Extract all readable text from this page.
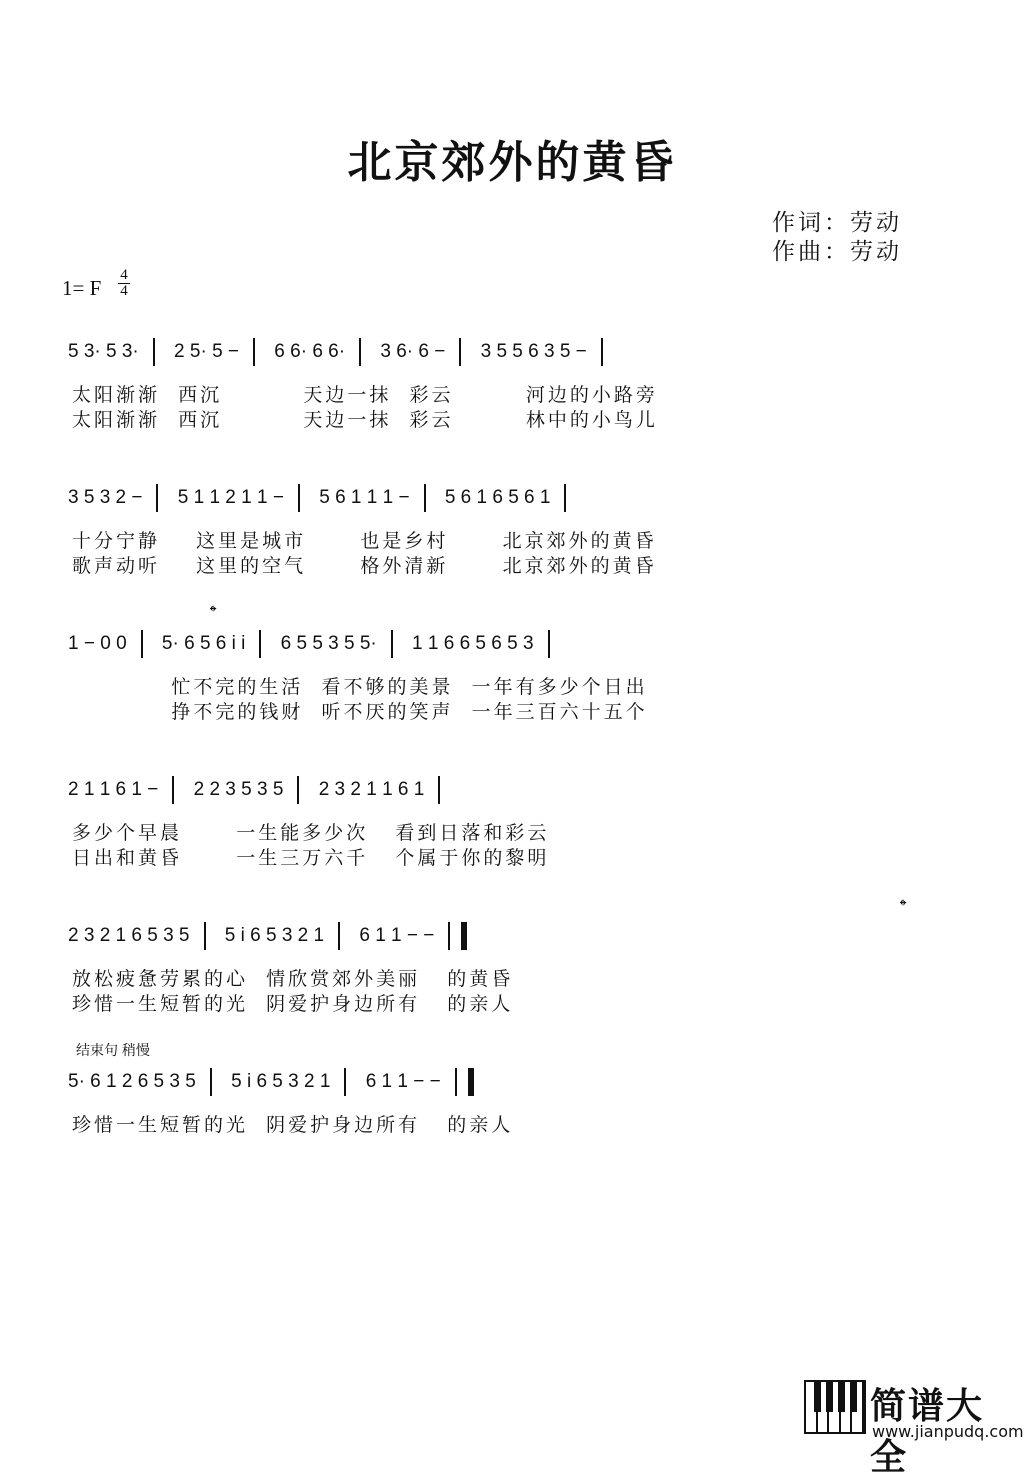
北京郊外的黄昏
作词：劳动
作曲：劳动
1= F
4
4
5 3· 5 3· 2 5· 5 − 6 6· 6 6· 3 6· 6 − 3 5 5 6 3 5 −
太阳渐渐  西沉         天边一抹  彩云        河边的小路旁
太阳渐渐  西沉         天边一抹  彩云        林中的小鸟儿
3 5 3 2 − 5 1 1 2 1 1 − 5 6 1 1 1 − 5 6 1 6 5 6 1
十分宁静    这里是城市      也是乡村      北京郊外的黄昏
歌声动听    这里的空气      格外清新      北京郊外的黄昏
𝄌
1 − 0 0 5· 6 5 6 i i 6 5 5 3 5 5· 1 1 6 6 5 6 5 3
忙不完的生活  看不够的美景  一年有多少个日出
挣不完的钱财  听不厌的笑声  一年三百六十五个
2 1 1 6 1 − 2 2 3 5 3 5 2 3 2 1 1 6 1
多少个早晨      一生能多少次   看到日落和彩云
日出和黄昏      一生三万六千   个属于你的黎明
𝄌
2 3 2 1 6 5 3 5 5 i 6 5 3 2 1 6 1 1 − −
放松疲惫劳累的心  情欣赏郊外美丽   的黄昏
珍惜一生短暂的光  阴爱护身边所有   的亲人
结束句 稍慢
5· 6 1 2 6 5 3 5 5 i 6 5 3 2 1 6 1 1 − −
珍惜一生短暂的光  阴爱护身边所有   的亲人
简谱大全
www.jianpudq.com
